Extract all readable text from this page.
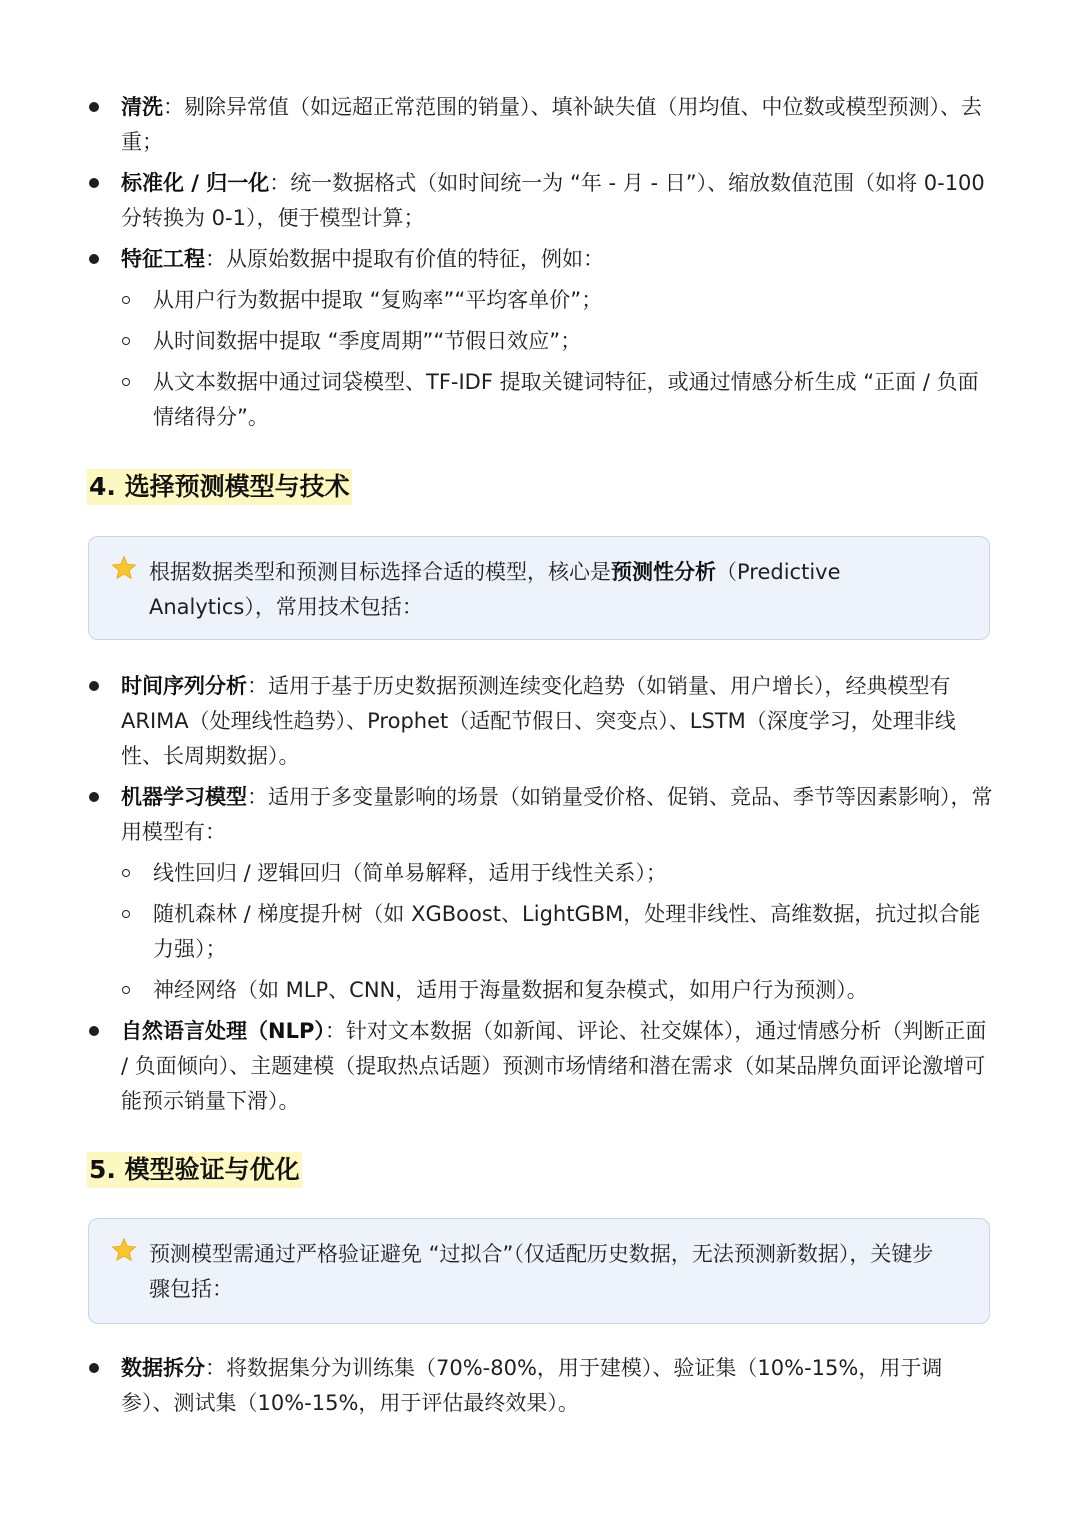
清洗：剔除异常值（如远超正常范围的销量）、填补缺失值（用均值、中位数或模型预测）、去重；
标准化 / 归一化：统一数据格式（如时间统一为 “年 - 月 - 日”）、缩放数值范围（如将 0-100 分转换为 0-1），便于模型计算；
特征工程：从原始数据中提取有价值的特征，例如：
从用户行为数据中提取 “复购率”“平均客单价”；
从时间数据中提取 “季度周期”“节假日效应”；
从文本数据中通过词袋模型、TF-IDF 提取关键词特征，或通过情感分析生成 “正面 / 负面情绪得分”。
4. 选择预测模型与技术
根据数据类型和预测目标选择合适的模型，核心是预测性分析（Predictive Analytics），常用技术包括：
时间序列分析：适用于基于历史数据预测连续变化趋势（如销量、用户增长），经典模型有 ARIMA（处理线性趋势）、Prophet（适配节假日、突变点）、LSTM（深度学习，处理非线性、长周期数据）。
机器学习模型：适用于多变量影响的场景（如销量受价格、促销、竞品、季节等因素影响），常用模型有：
线性回归 / 逻辑回归（简单易解释，适用于线性关系）；
随机森林 / 梯度提升树（如 XGBoost、LightGBM，处理非线性、高维数据，抗过拟合能力强）；
神经网络（如 MLP、CNN，适用于海量数据和复杂模式，如用户行为预测）。
自然语言处理（NLP）：针对文本数据（如新闻、评论、社交媒体），通过情感分析（判断正面 / 负面倾向）、主题建模（提取热点话题）预测市场情绪和潜在需求（如某品牌负面评论激增可能预示销量下滑）。
5. 模型验证与优化
预测模型需通过严格验证避免 “过拟合”（仅适配历史数据，无法预测新数据），关键步骤包括：
数据拆分：将数据集分为训练集（70%-80%，用于建模）、验证集（10%-15%，用于调参）、测试集（10%-15%，用于评估最终效果）。
